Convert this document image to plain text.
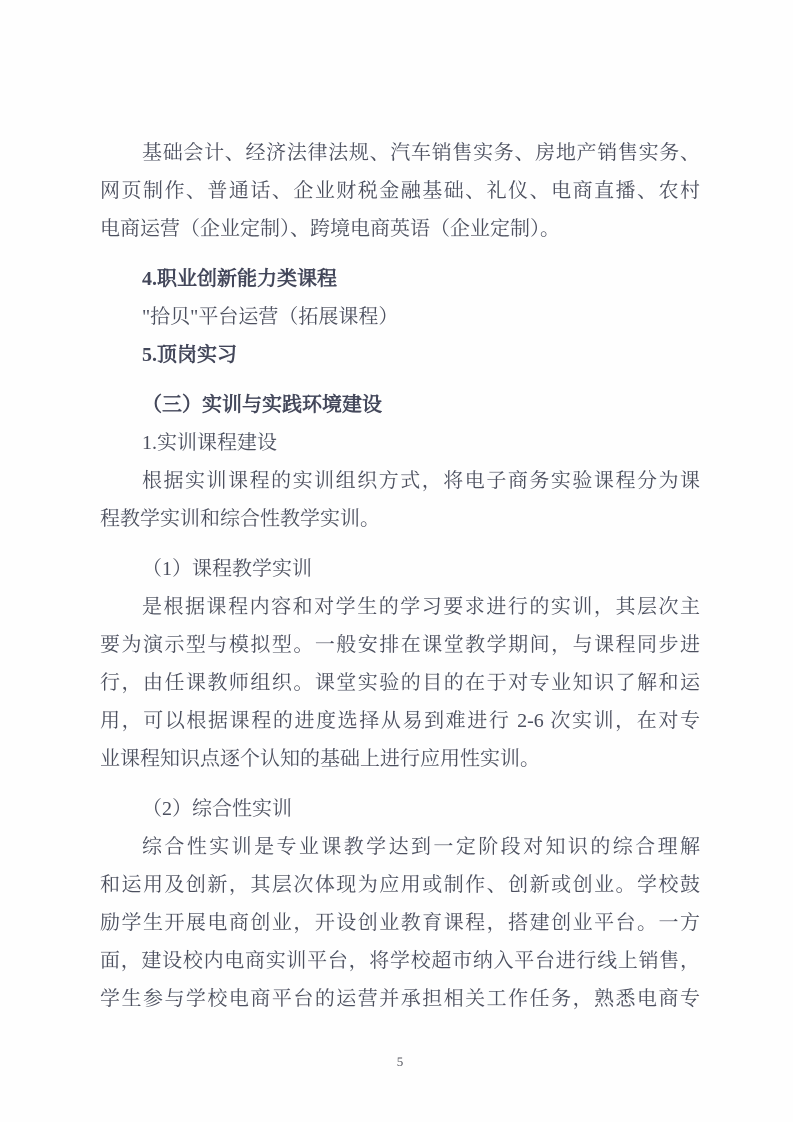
基础会计、经济法律法规、汽车销售实务、房地产销售实务、
网页制作、普通话、企业财税金融基础、礼仪、电商直播、农村
电商运营（企业定制）、跨境电商英语（企业定制）。
4.职业创新能力类课程
"拾贝"平台运营（拓展课程）
5.顶岗实习
（三）实训与实践环境建设
1.实训课程建设
根据实训课程的实训组织方式，将电子商务实验课程分为课
程教学实训和综合性教学实训。
（1）课程教学实训
是根据课程内容和对学生的学习要求进行的实训，其层次主
要为演示型与模拟型。一般安排在课堂教学期间，与课程同步进
行，由任课教师组织。课堂实验的目的在于对专业知识了解和运
用，可以根据课程的进度选择从易到难进行 2-6 次实训，在对专
业课程知识点逐个认知的基础上进行应用性实训。
（2）综合性实训
综合性实训是专业课教学达到一定阶段对知识的综合理解
和运用及创新，其层次体现为应用或制作、创新或创业。学校鼓
励学生开展电商创业，开设创业教育课程，搭建创业平台。一方
面，建设校内电商实训平台，将学校超市纳入平台进行线上销售，
学生参与学校电商平台的运营并承担相关工作任务，熟悉电商专
5
